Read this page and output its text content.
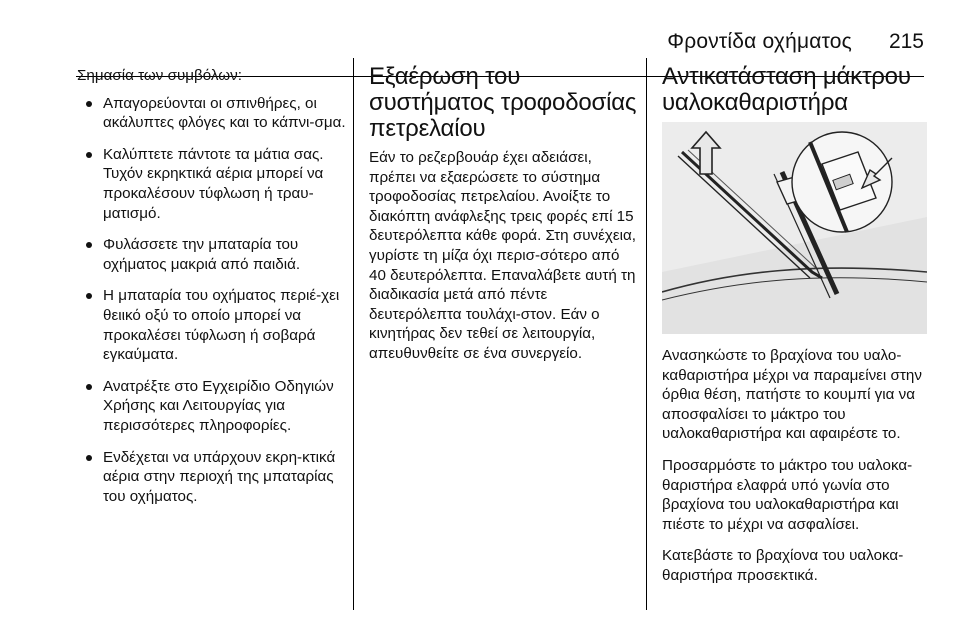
Φροντίδα οχήματος 215
Σημασία των συμβόλων:
Απαγορεύονται οι σπινθήρες, οι ακάλυπτες φλόγες και το κάπνι-σμα.
Καλύπτετε πάντοτε τα μάτια σας. Τυχόν εκρηκτικά αέρια μπορεί να προκαλέσουν τύφλωση ή τραυ-ματισμό.
Φυλάσσετε την μπαταρία του οχήματος μακριά από παιδιά.
Η μπαταρία του οχήματος περιέ-χει θειικό οξύ το οποίο μπορεί να προκαλέσει τύφλωση ή σοβαρά εγκαύματα.
Ανατρέξτε στο Εγχειρίδιο Οδηγιών Χρήσης και Λειτουργίας για περισσότερες πληροφορίες.
Ενδέχεται να υπάρχουν εκρη-κτικά αέρια στην περιοχή της μπαταρίας του οχήματος.
Εξαέρωση του συστήματος τροφοδοσίας πετρελαίου

Εάν το ρεζερβουάρ έχει αδειάσει, πρέπει να εξαερώσετε το σύστημα τροφοδοσίας πετρελαίου. Ανοίξτε το διακόπτη ανάφλεξης τρεις φορές επί 15 δευτερόλεπτα κάθε φορά. Στη συνέχεια, γυρίστε τη μίζα όχι περισ-σότερο από 40 δευτερόλεπτα. Επαναλάβετε αυτή τη διαδικασία μετά από πέντε δευτερόλεπτα τουλάχι-στον. Εάν ο κινητήρας δεν τεθεί σε λειτουργία, απευθυνθείτε σε ένα συνεργείο.

Αντικατάσταση μάκτρου υαλοκαθαριστήρα

Ανασηκώστε το βραχίονα του υαλο-καθαριστήρα μέχρι να παραμείνει στην όρθια θέση, πατήστε το κουμπί για να αποσφαλίσει το μάκτρο του υαλοκαθαριστήρα και αφαιρέστε το.

Προσαρμόστε το μάκτρο του υαλοκα-θαριστήρα ελαφρά υπό γωνία στο βραχίονα του υαλοκαθαριστήρα και πιέστε το μέχρι να ασφαλίσει.

Κατεβάστε το βραχίονα του υαλοκα-θαριστήρα προσεκτικά.
